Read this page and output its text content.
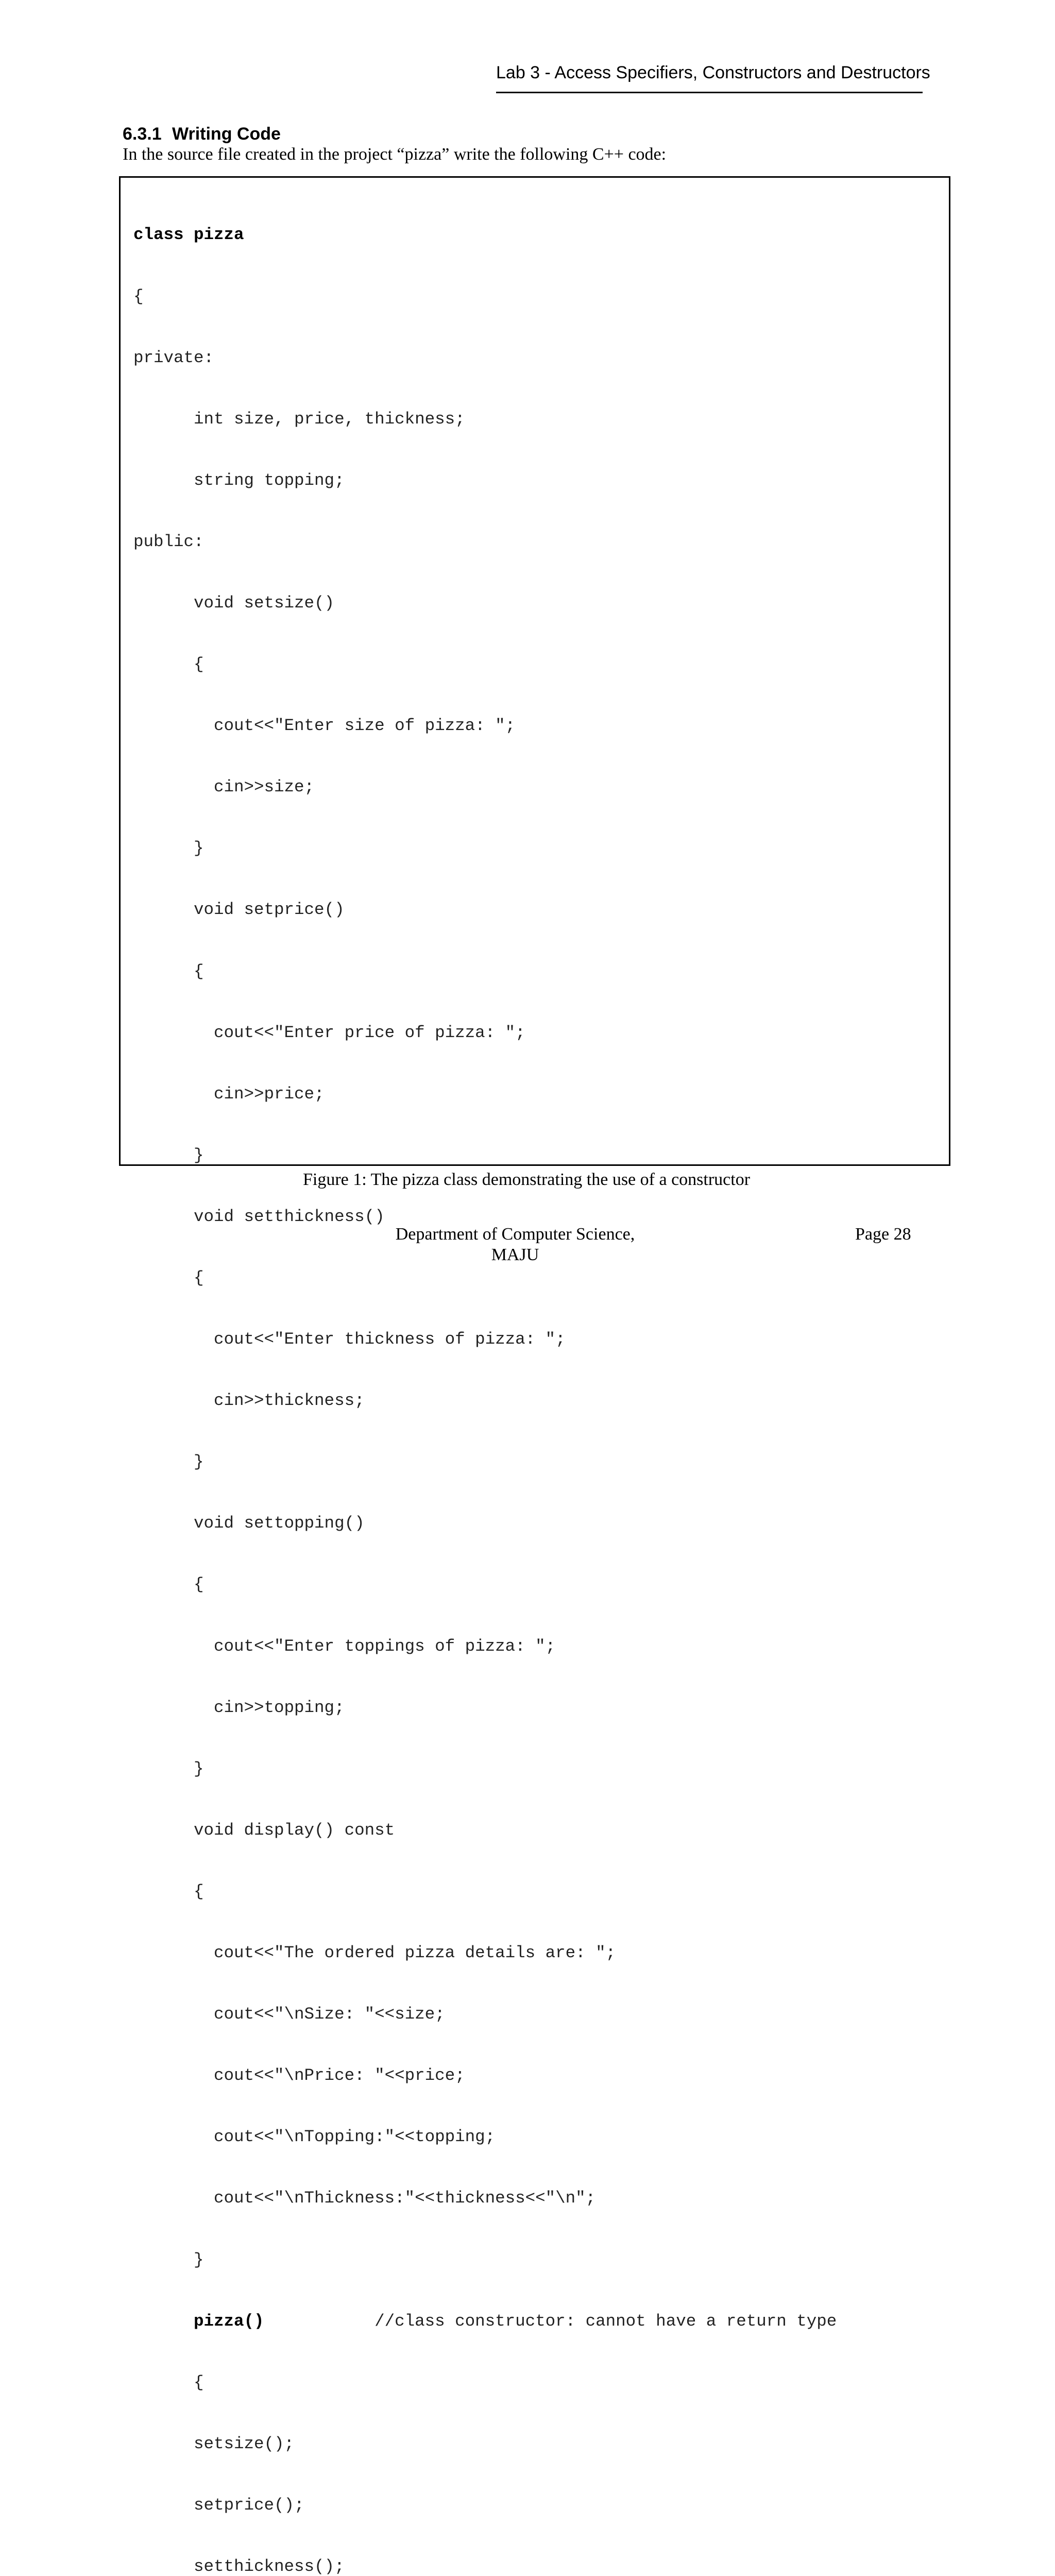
Lab 3 - Access Specifiers, Constructors and Destructors
6.3.1 Writing Code
In the source file created in the project “pizza” write the following C++ code:

class pizza

{

private:

int size, price, thickness;

string topping;

public:

void setsize()

{

cout<<"Enter size of pizza: ";

cin>>size;

}

void setprice()

{

cout<<"Enter price of pizza: ";

cin>>price;

}

void setthickness()

{

cout<<"Enter thickness of pizza: ";

cin>>thickness;

}

void settopping()

{

cout<<"Enter toppings of pizza: ";

cin>>topping;

}

void display() const

{

cout<<"The ordered pizza details are: ";

cout<<"\nSize: "<<size;

cout<<"\nPrice: "<<price;

cout<<"\nTopping:"<<topping;

cout<<"\nThickness:"<<thickness<<"\n";

}

pizza()           //class constructor: cannot have a return type

{

setsize();

setprice();

setthickness();

Figure 1: The pizza class demonstrating the use of a constructor
Department of Computer Science,
MAJU
Page 28
